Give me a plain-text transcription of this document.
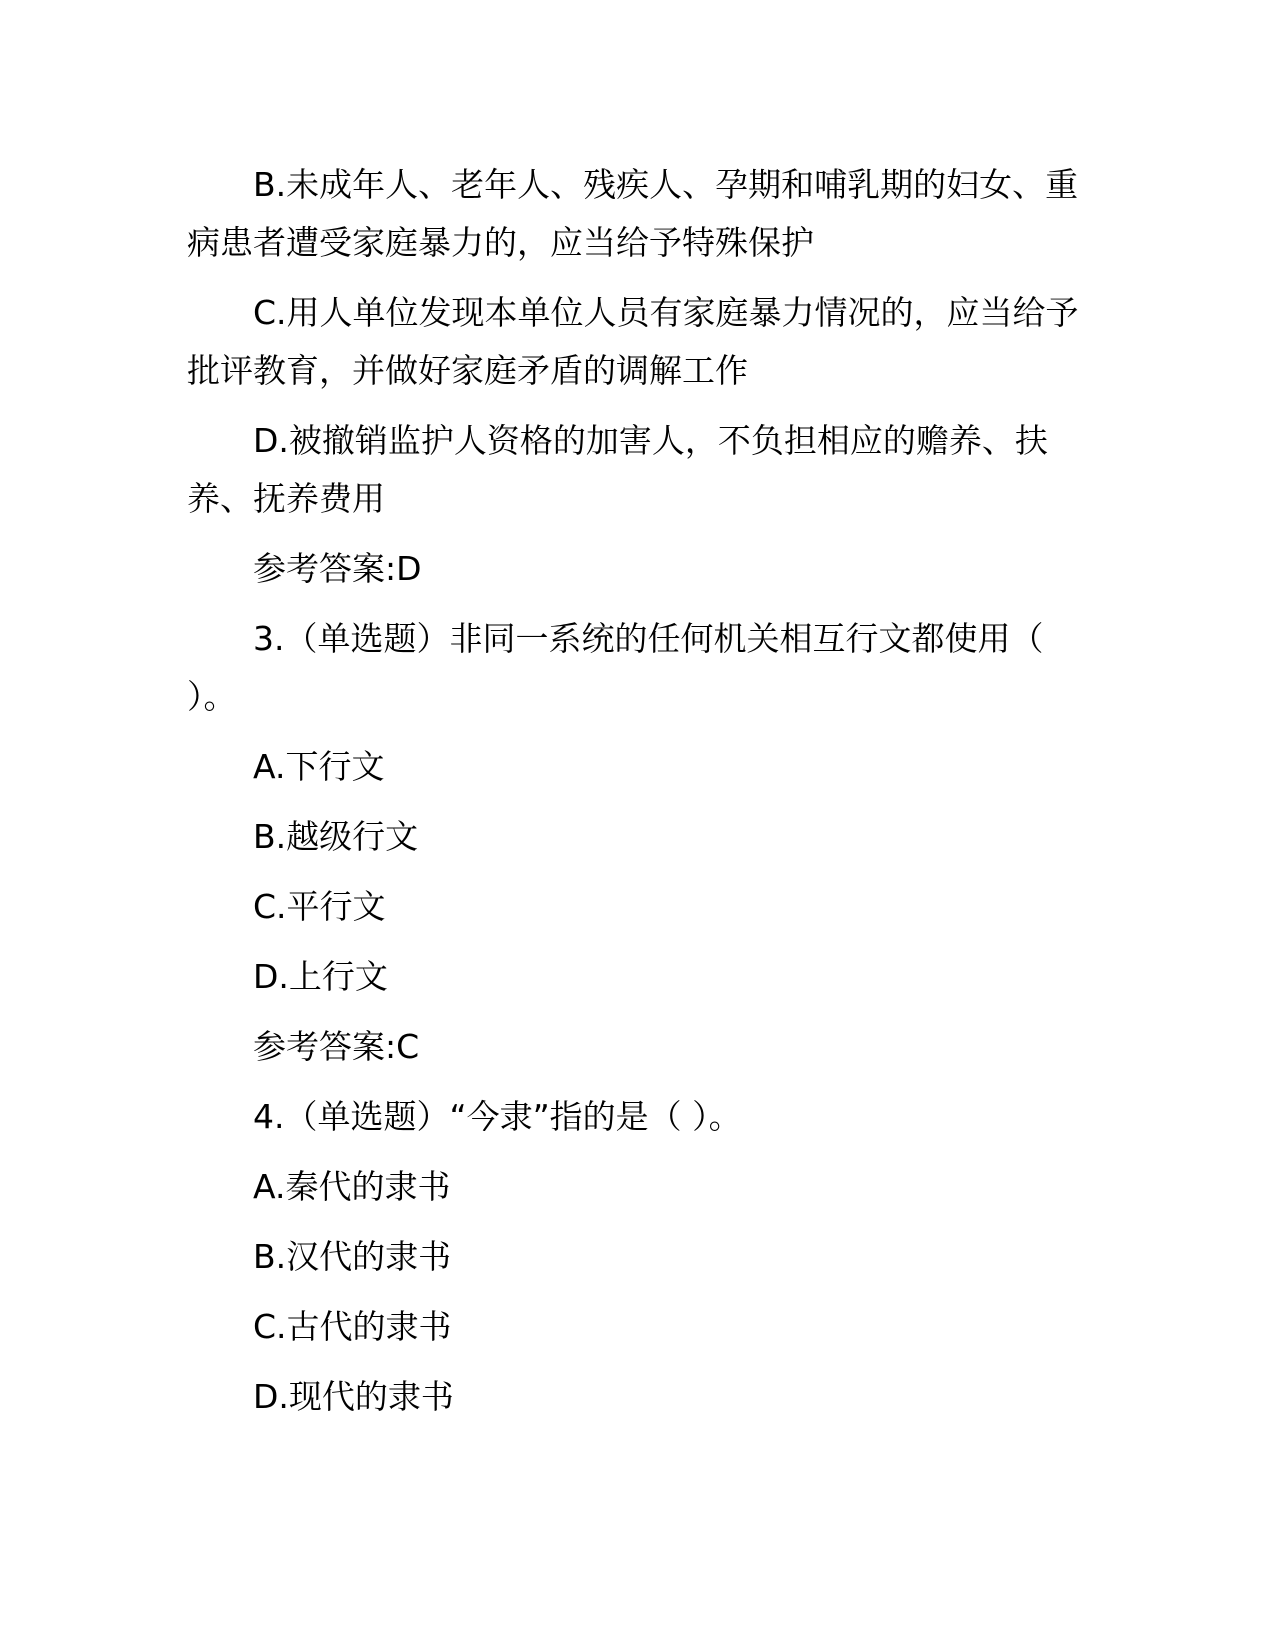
B.未成年人、老年人、残疾人、孕期和哺乳期的妇女、重病患者遭受家庭暴力的，应当给予特殊保护

C.用人单位发现本单位人员有家庭暴力情况的，应当给予批评教育，并做好家庭矛盾的调解工作

D.被撤销监护人资格的加害人，不负担相应的赡养、扶养、抚养费用

参考答案:D

3.（单选题）非同一系统的任何机关相互行文都使用（ ）。

A.下行文

B.越级行文

C.平行文

D.上行文

参考答案:C

4.（单选题）“今隶”指的是（ ）。

A.秦代的隶书

B.汉代的隶书

C.古代的隶书

D.现代的隶书
